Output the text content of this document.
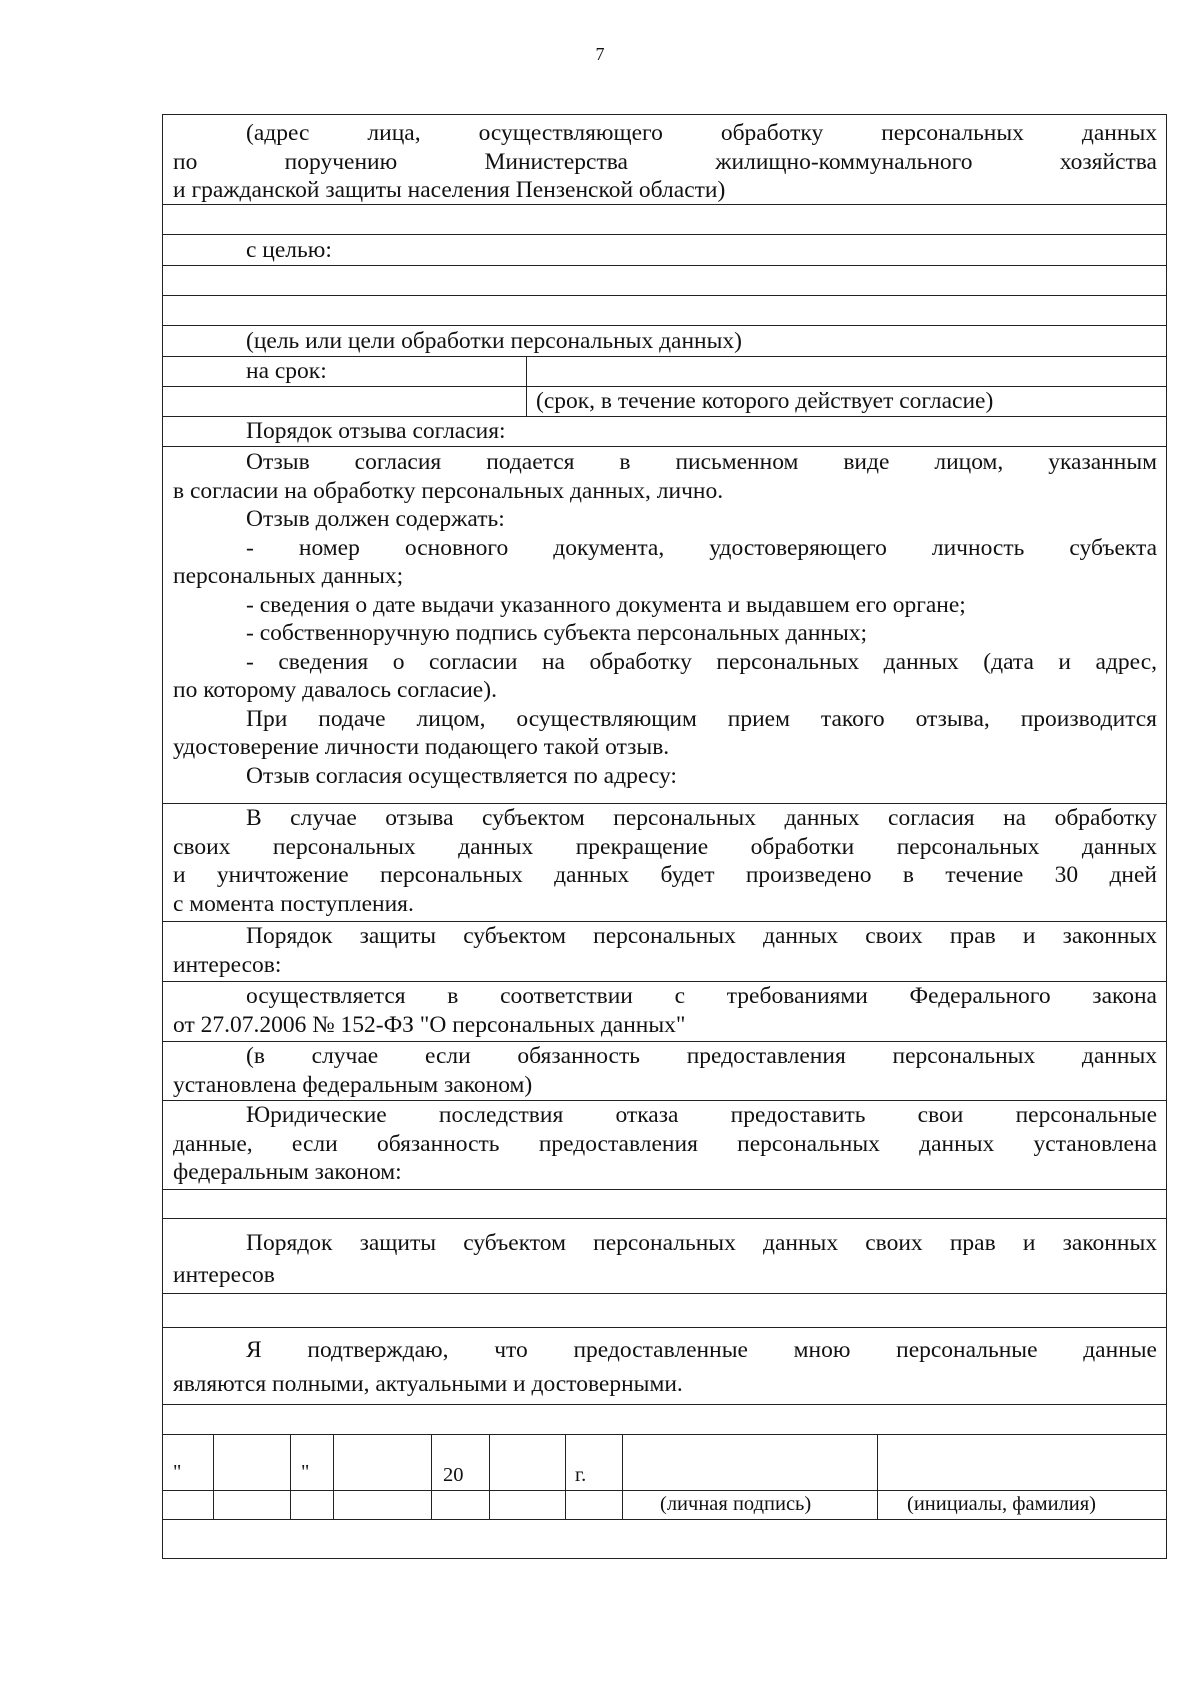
7
(адрес лица, осуществляющего обработку персональных данных
по поручению Министерства жилищно-коммунального хозяйства
и гражданской защиты населения Пензенской области)
с целью:
(цель или цели обработки персональных данных)
на срок:
(срок, в течение которого действует согласие)
Порядок отзыва согласия:
Отзыв согласия подается в письменном виде лицом, указанным
в согласии на обработку персональных данных, лично.
Отзыв должен содержать:
- номер основного документа, удостоверяющего личность субъекта
персональных данных;
- сведения о дате выдачи указанного документа и выдавшем его органе;
- собственноручную подпись субъекта персональных данных;
- сведения о согласии на обработку персональных данных (дата и адрес,
по которому давалось согласие).
При подаче лицом, осуществляющим прием такого отзыва, производится
удостоверение личности подающего такой отзыв.
Отзыв согласия осуществляется по адресу:
В случае отзыва субъектом персональных данных согласия на обработку
своих персональных данных прекращение обработки персональных данных
и уничтожение персональных данных будет произведено в течение 30 дней
с момента поступления.
Порядок защиты субъектом персональных данных своих прав и законных
интересов:
осуществляется в соответствии с требованиями Федерального закона
от 27.07.2006 № 152-ФЗ "О персональных данных"
(в случае если обязанность предоставления персональных данных
установлена федеральным законом)
Юридические последствия отказа предоставить свои персональные
данные, если обязанность предоставления персональных данных установлена
федеральным законом:
Порядок защиты субъектом персональных данных своих прав и законных
интересов
Я подтверждаю, что предоставленные мною персональные данные
являются полными, актуальными и достоверными.
"	"	20	г.
(личная подпись)	(инициалы, фамилия)
